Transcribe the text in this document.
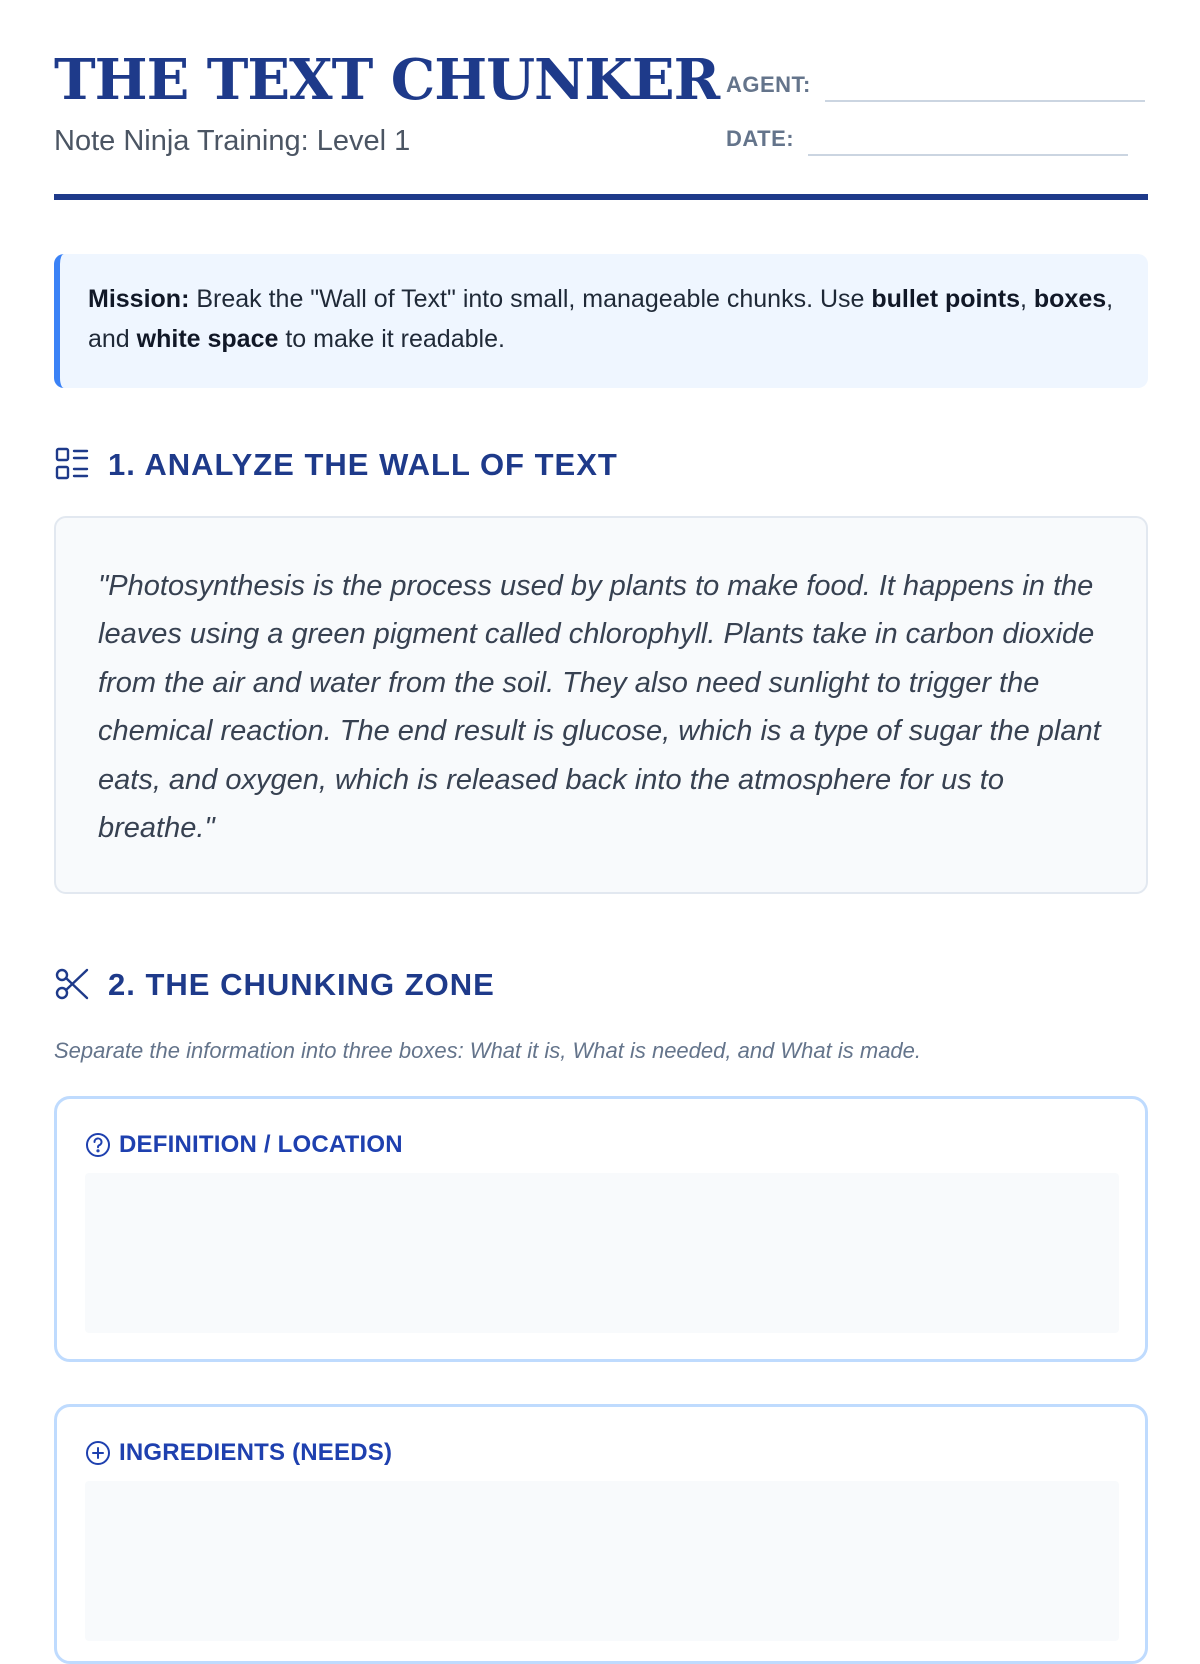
THE TEXT CHUNKER
Note Ninja Training: Level 1
AGENT:
DATE:
Mission: Break the "Wall of Text" into small, manageable chunks. Use bullet points, boxes, and white space to make it readable.
1. ANALYZE THE WALL OF TEXT
"Photosynthesis is the process used by plants to make food. It happens in the leaves using a green pigment called chlorophyll. Plants take in carbon dioxide from the air and water from the soil. They also need sunlight to trigger the chemical reaction. The end result is glucose, which is a type of sugar the plant eats, and oxygen, which is released back into the atmosphere for us to breathe."
2. THE CHUNKING ZONE
Separate the information into three boxes: What it is, What is needed, and What is made.
DEFINITION / LOCATION
INGREDIENTS (NEEDS)
